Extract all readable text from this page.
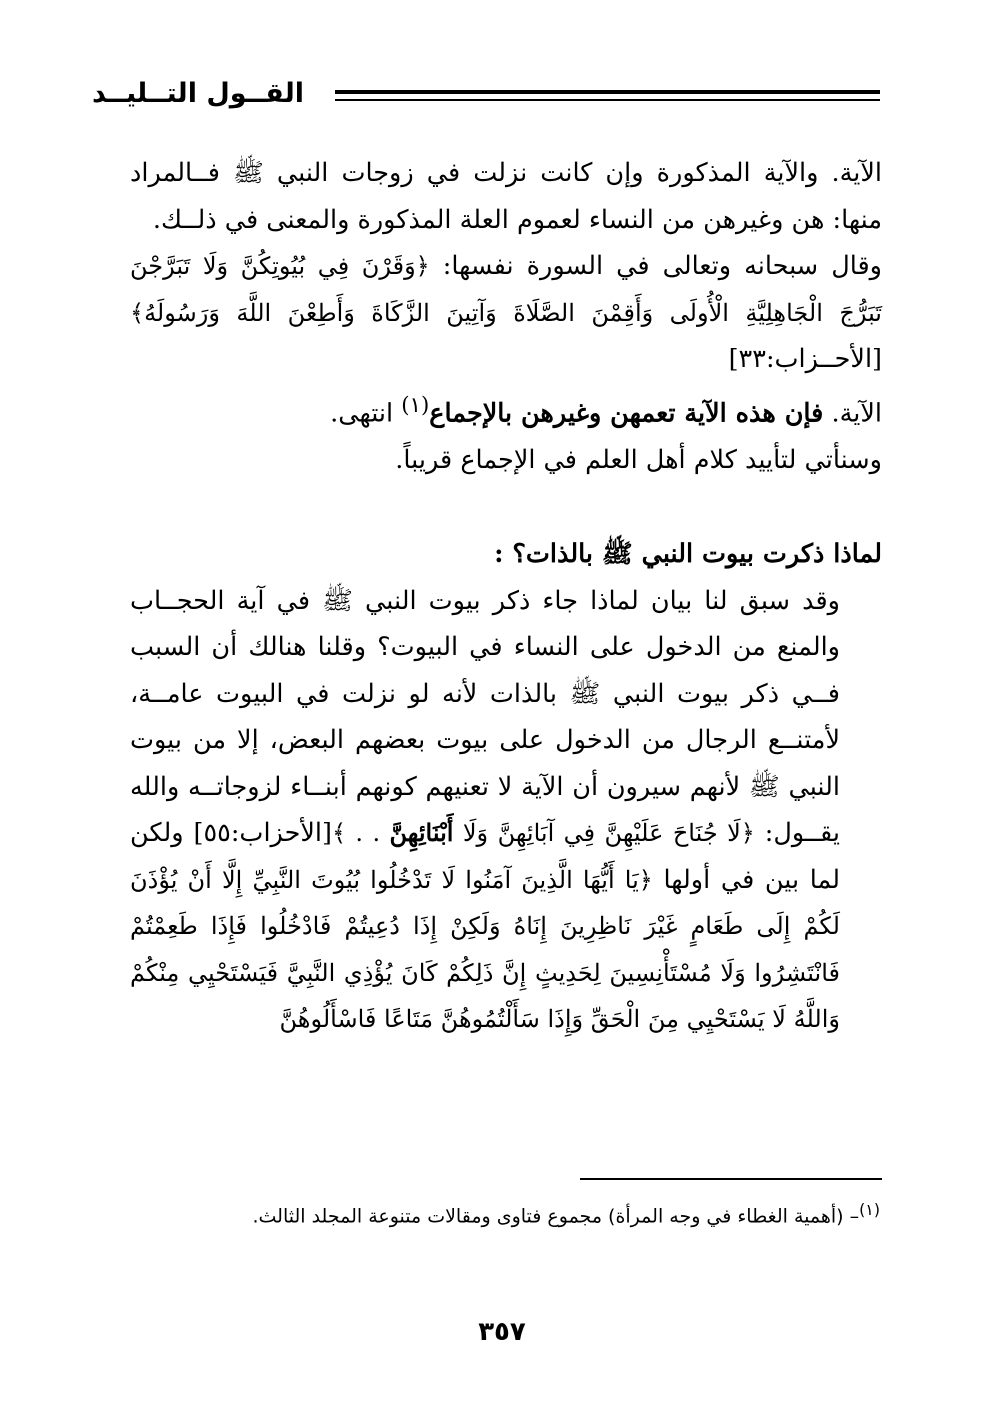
القــول التــليــد

الآية. والآية المذكورة وإن كانت نزلت في زوجات النبي ﷺ فــالمراد منها: هن وغيرهن من النساء لعموم العلة المذكورة والمعنى في ذلــك.

وقال سبحانه وتعالى في السورة نفسها: ﴿وَقَرْنَ فِي بُيُوتِكُنَّ وَلَا تَبَرَّجْنَ تَبَرُّجَ الْجَاهِلِيَّةِ الْأُولَى وَأَقِمْنَ الصَّلَاةَ وَآتِينَ الزَّكَاةَ وَأَطِعْنَ اللَّهَ وَرَسُولَهُ﴾ [الأحــزاب:٣٣]

الآية. فإن هذه الآية تعمهن وغيرهن بالإجماع$^{(١)}$ انتهى.

وسنأتي لتأييد كلام أهل العلم في الإجماع قريباً.

لماذا ذكرت بيوت النبي ﷺ بالذات؟ :

وقد سبق لنا بيان لماذا جاء ذكر بيوت النبي ﷺ في آية الحجــاب والمنع من الدخول على النساء في البيوت؟ وقلنا هنالك أن السبب فــي ذكر بيوت النبي ﷺ بالذات لأنه لو نزلت في البيوت عامــة، لأمتنــع الرجال من الدخول على بيوت بعضهم البعض، إلا من بيوت النبي ﷺ لأنهم سيرون أن الآية لا تعنيهم كونهم أبنــاء لزوجاتــه والله يقــول: ﴿لَا جُنَاحَ عَلَيْهِنَّ فِي آبَائِهِنَّ وَلَا أَبْنَائِهِنَّ . . ﴾[الأحزاب:٥٥] ولكن لما بين في أولها ﴿يَا أَيُّهَا الَّذِينَ آمَنُوا لَا تَدْخُلُوا بُيُوتَ النَّبِيِّ إِلَّا أَنْ يُؤْذَنَ لَكُمْ إِلَى طَعَامٍ غَيْرَ نَاظِرِينَ إِنَاهُ وَلَكِنْ إِذَا دُعِيتُمْ فَادْخُلُوا فَإِذَا طَعِمْتُمْ فَانْتَشِرُوا وَلَا مُسْتَأْنِسِينَ لِحَدِيثٍ إِنَّ ذَلِكُمْ كَانَ يُؤْذِي النَّبِيَّ فَيَسْتَحْيِي مِنْكُمْ وَاللَّهُ لَا يَسْتَحْيِي مِنَ الْحَقِّ وَإِذَا سَأَلْتُمُوهُنَّ مَتَاعًا فَاسْأَلُوهُنَّ

$^{(١)}$– (أهمية الغطاء في وجه المرأة) مجموع فتاوى ومقالات متنوعة المجلد الثالث.
٣٥٧
